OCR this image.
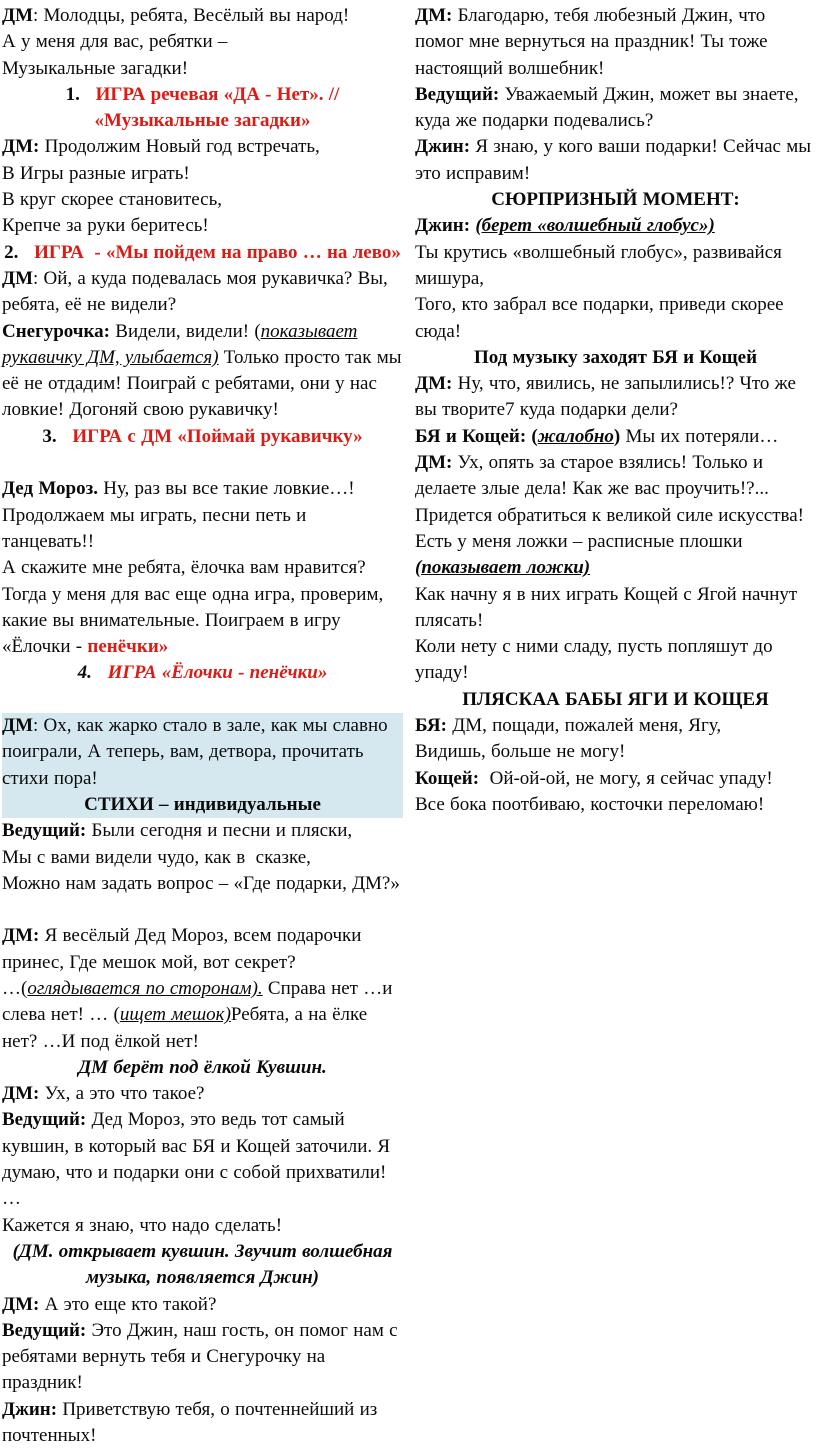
ДМ: Молодцы, ребята, Весёлый вы народ!

А у меня для вас, ребятки –

Музыкальные загадки!

1.   ИГРА речевая «ДА - Нет». // «Музыкальные загадки»

ДМ: Продолжим Новый год встречать,

В Игры разные играть!

В круг скорее становитесь,

Крепче за руки беритесь!

2.   ИГРА  - «Мы пойдем на право … на лево»

ДМ: Ой, а куда подевалась моя рукавичка? Вы, ребята, её не видели?

Снегурочка: Видели, видели! (показывает рукавичку ДМ, улыбается) Только просто так мы её не отдадим! Поиграй с ребятами, они у нас ловкие! Догоняй свою рукавичку!

3.   ИГРА с ДМ «Поймай рукавичку»

Дед Мороз. Ну, раз вы все такие ловкие…!

Продолжаем мы играть, песни петь и танцевать!!

А скажите мне ребята, ёлочка вам нравится?

Тогда у меня для вас еще одна игра, проверим, какие вы внимательные. Поиграем в игру «Ёлочки - пенёчки»

4.   ИГРА «Ёлочки - пенёчки»

ДМ: Ох, как жарко стало в зале, как мы славно поиграли, А теперь, вам, детвора, прочитать стихи пора!

СТИХИ – индивидуальные

Ведущий: Были сегодня и песни и пляски,

Мы с вами видели чудо, как в  сказке,

Можно нам задать вопрос – «Где подарки, ДМ?»

ДМ: Я весёлый Дед Мороз, всем подарочки принес, Где мешок мой, вот секрет?

…(оглядывается по сторонам). Справа нет …и слева нет! … (ищет мешок)Ребята, а на ёлке нет? …И под ёлкой нет!

ДМ берёт под ёлкой Кувшин.

ДМ: Ух, а это что такое?

Ведущий: Дед Мороз, это ведь тот самый кувшин, в который вас БЯ и Кощей заточили. Я думаю, что и подарки они с собой прихватили!

…

Кажется я знаю, что надо сделать!

(ДМ. открывает кувшин. Звучит волшебная музыка, появляется Джин)

ДМ: А это еще кто такой?

Ведущий: Это Джин, наш гость, он помог нам с ребятами вернуть тебя и Снегурочку на праздник!

Джин: Приветствую тебя, о почтеннейший из почтенных!

ДМ: Благодарю, тебя любезный Джин, что помог мне вернуться на праздник! Ты тоже настоящий волшебник!

Ведущий: Уважаемый Джин, может вы знаете, куда же подарки подевались?

Джин: Я знаю, у кого ваши подарки! Сейчас мы это исправим!

СЮРПРИЗНЫЙ МОМЕНТ:

Джин: (берет «волшебный глобус»)

Ты крутись «волшебный глобус», развивайся мишура,

Того, кто забрал все подарки, приведи скорее сюда!

Под музыку заходят БЯ и Кощей

ДМ: Ну, что, явились, не запылились!? Что же вы творите7 куда подарки дели?

БЯ и Кощей: (жалобно) Мы их потеряли…

ДМ: Ух, опять за старое взялись! Только и делаете злые дела! Как же вас проучить!?... Придется обратиться к великой силе искусства! Есть у меня ложки – расписные плошки (показывает ложки)

Как начну я в них играть Кощей с Ягой начнут плясать!

Коли нету с ними сладу, пусть попляшут до упаду!

ПЛЯСКАА БАБЫ ЯГИ И КОЩЕЯ

БЯ: ДМ, пощади, пожалей меня, Ягу,

Видишь, больше не могу!

Кощей:  Ой-ой-ой, не могу, я сейчас упаду!

Все бока поотбиваю, косточки переломаю!
